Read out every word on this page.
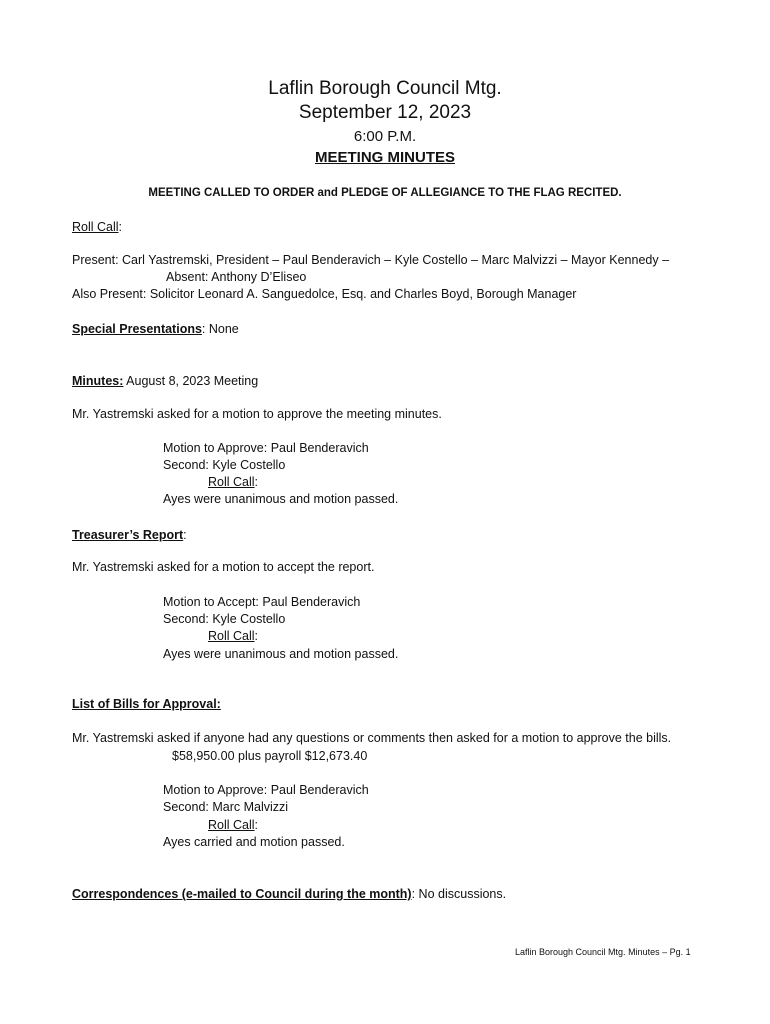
Laflin Borough Council Mtg.
September 12, 2023
6:00 P.M.
MEETING MINUTES
MEETING CALLED TO ORDER and PLEDGE OF ALLEGIANCE TO THE FLAG RECITED.
Roll Call:
Present: Carl Yastremski, President – Paul Benderavich – Kyle Costello – Marc Malvizzi – Mayor Kennedy –
Absent: Anthony D’Eliseo
Also Present: Solicitor Leonard A. Sanguedolce, Esq. and Charles Boyd, Borough Manager
Special Presentations: None
Minutes: August 8, 2023 Meeting
Mr. Yastremski asked for a motion to approve the meeting minutes.
Motion to Approve: Paul Benderavich
Second: Kyle Costello
Roll Call:
Ayes were unanimous and motion passed.
Treasurer’s Report:
Mr. Yastremski asked for a motion to accept the report.
Motion to Accept: Paul Benderavich
Second: Kyle Costello
Roll Call:
Ayes were unanimous and motion passed.
List of Bills for Approval:
Mr. Yastremski asked if anyone had any questions or comments then asked for a motion to approve the bills.
$58,950.00 plus payroll $12,673.40
Motion to Approve: Paul Benderavich
Second: Marc Malvizzi
Roll Call:
Ayes carried and motion passed.
Correspondences (e-mailed to Council during the month): No discussions.
Laflin Borough Council Mtg. Minutes – Pg. 1
